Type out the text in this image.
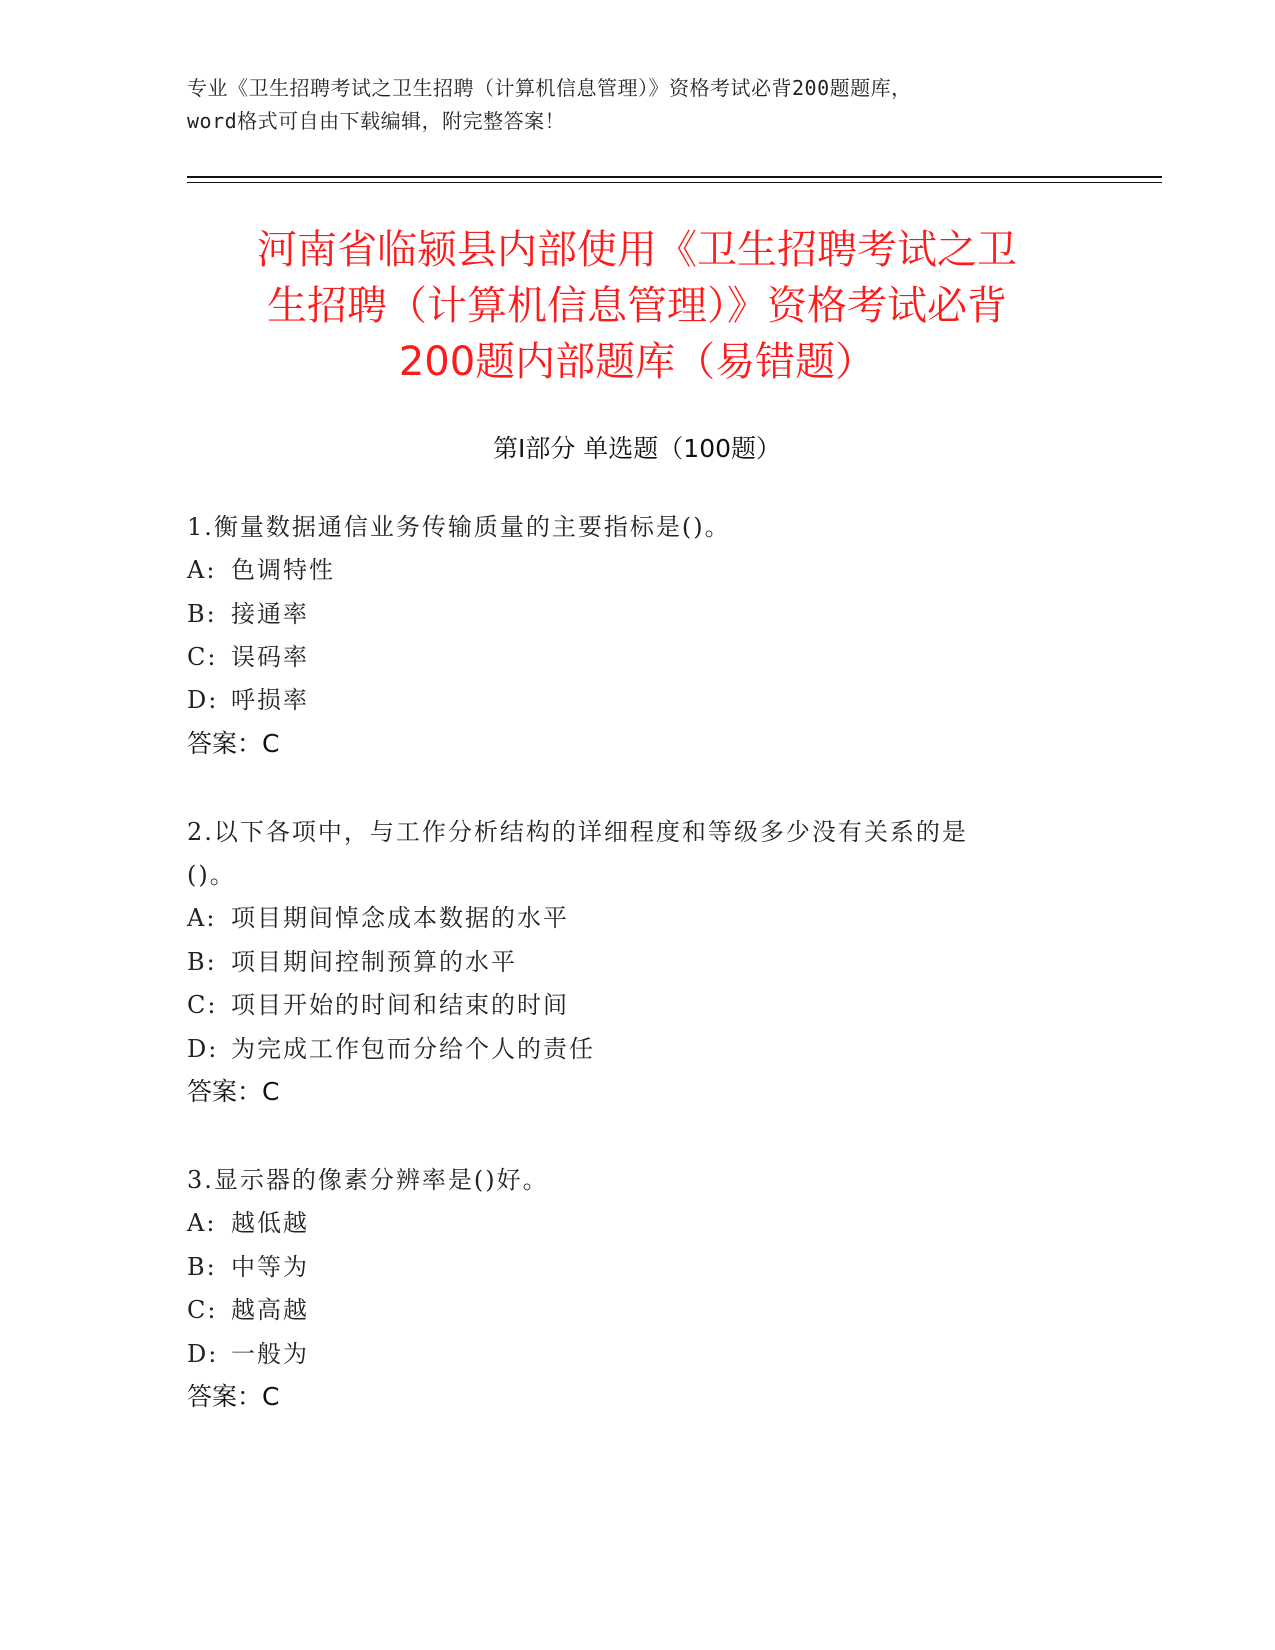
专业《卫生招聘考试之卫生招聘（计算机信息管理）》资格考试必背200题题库，
word格式可自由下载编辑，附完整答案！
河南省临颍县内部使用《卫生招聘考试之卫
生招聘（计算机信息管理）》资格考试必背
200题内部题库（易错题）
第Ⅰ部分 单选题（100题）
1.衡量数据通信业务传输质量的主要指标是()。
A: 色调特性
B: 接通率
C: 误码率
D: 呼损率
答案：C
2.以下各项中，与工作分析结构的详细程度和等级多少没有关系的是
()。
A: 项目期间悼念成本数据的水平
B: 项目期间控制预算的水平
C: 项目开始的时间和结束的时间
D: 为完成工作包而分给个人的责任
答案：C
3.显示器的像素分辨率是()好。
A: 越低越
B: 中等为
C: 越高越
D: 一般为
答案：C
